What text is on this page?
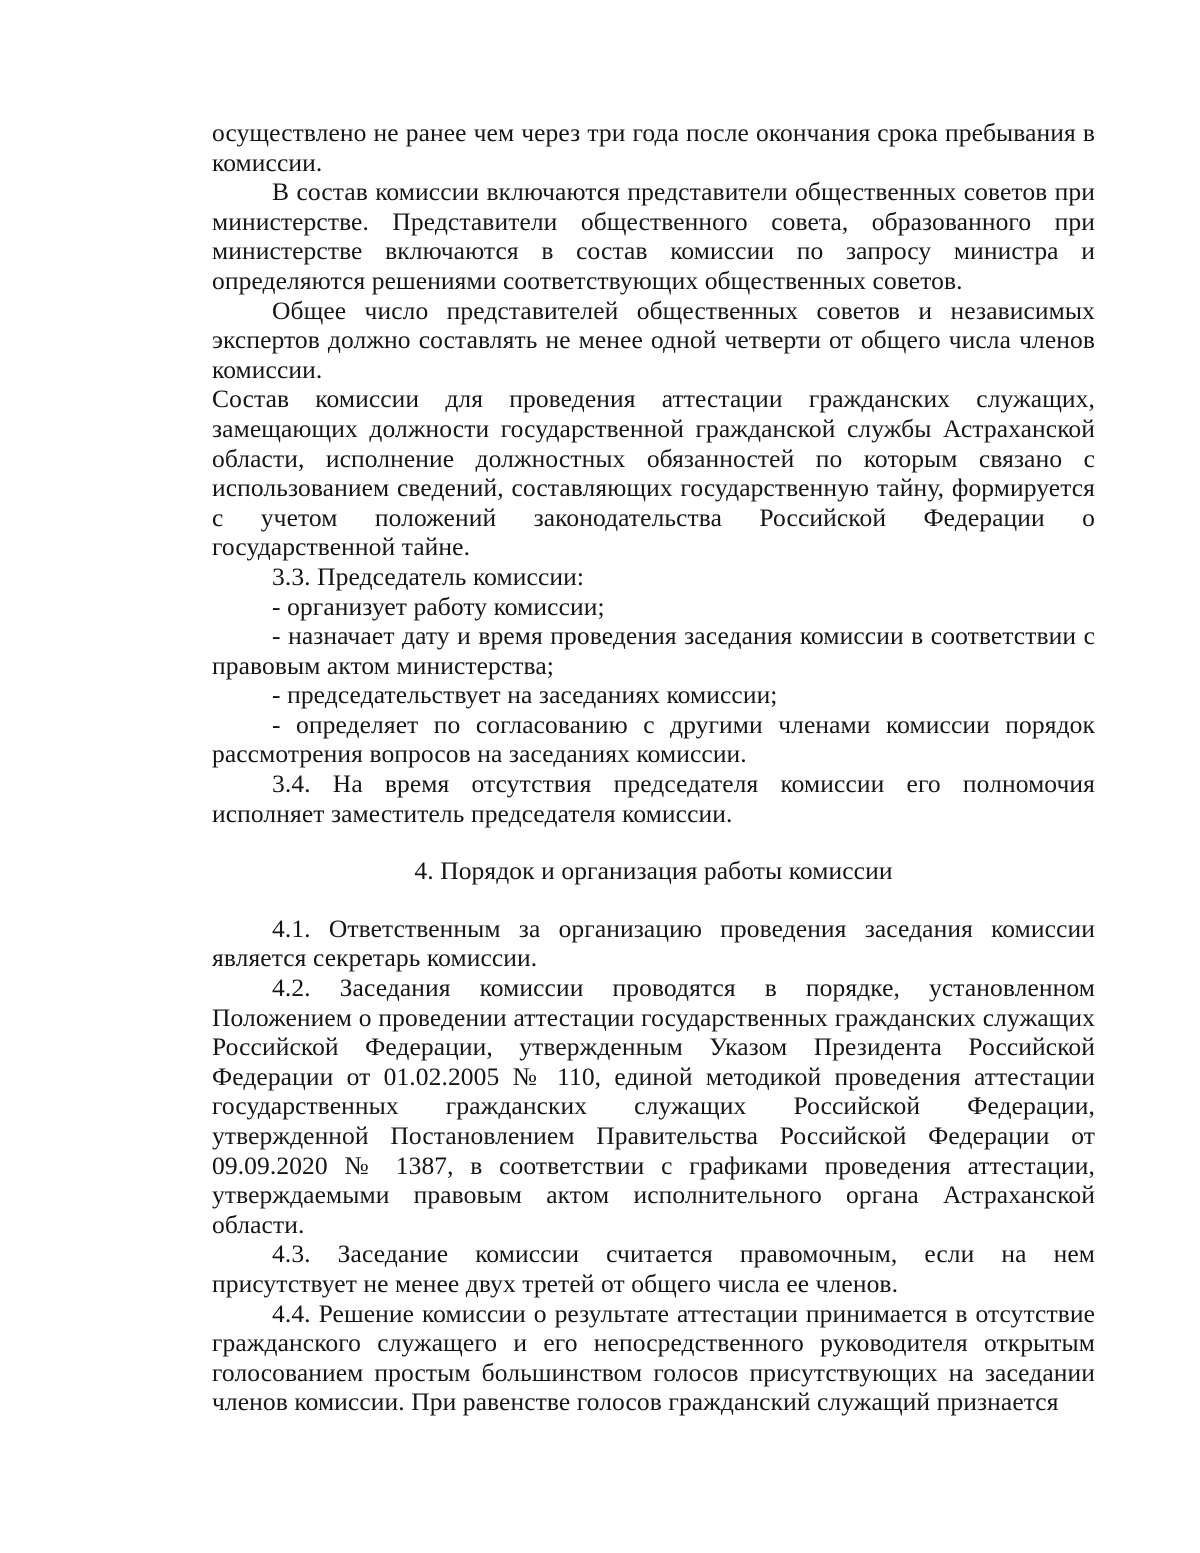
осуществлено не ранее чем через три года после окончания срока пребывания в комиссии.

В состав комиссии включаются представители общественных советов при министерстве. Представители общественного совета, образованного при министерстве включаются в состав комиссии по запросу министра и определяются решениями соответствующих общественных советов.

Общее число представителей общественных советов и независимых экспертов должно составлять не менее одной четверти от общего числа членов комиссии.

Состав комиссии для проведения аттестации гражданских служащих, замещающих должности государственной гражданской службы Астраханской области, исполнение должностных обязанностей по которым связано с использованием сведений, составляющих государственную тайну, формируется с учетом положений законодательства Российской Федерации о государственной тайне.

3.3. Председатель комиссии:

- организует работу комиссии;

- назначает дату и время проведения заседания комиссии в соответствии с правовым актом министерства;

- председательствует на заседаниях комиссии;

- определяет по согласованию с другими членами комиссии порядок рассмотрения вопросов на заседаниях комиссии.

3.4. На время отсутствия председателя комиссии его полномочия исполняет заместитель председателя комиссии.

4. Порядок и организация работы комиссии

4.1. Ответственным за организацию проведения заседания комиссии является секретарь комиссии.

4.2. Заседания комиссии проводятся в порядке, установленном Положением о проведении аттестации государственных гражданских служащих Российской Федерации, утвержденным Указом Президента Российской Федерации от 01.02.2005 № 110, единой методикой проведения аттестации государственных гражданских служащих Российской Федерации, утвержденной Постановлением Правительства Российской Федерации от 09.09.2020 № 1387, в соответствии с графиками проведения аттестации, утверждаемыми правовым актом исполнительного органа Астраханской области.

4.3. Заседание комиссии считается правомочным, если на нем присутствует не менее двух третей от общего числа ее членов.

4.4. Решение комиссии о результате аттестации принимается в отсутствие гражданского служащего и его непосредственного руководителя открытым голосованием простым большинством голосов присутствующих на заседании членов комиссии. При равенстве голосов гражданский служащий признается
